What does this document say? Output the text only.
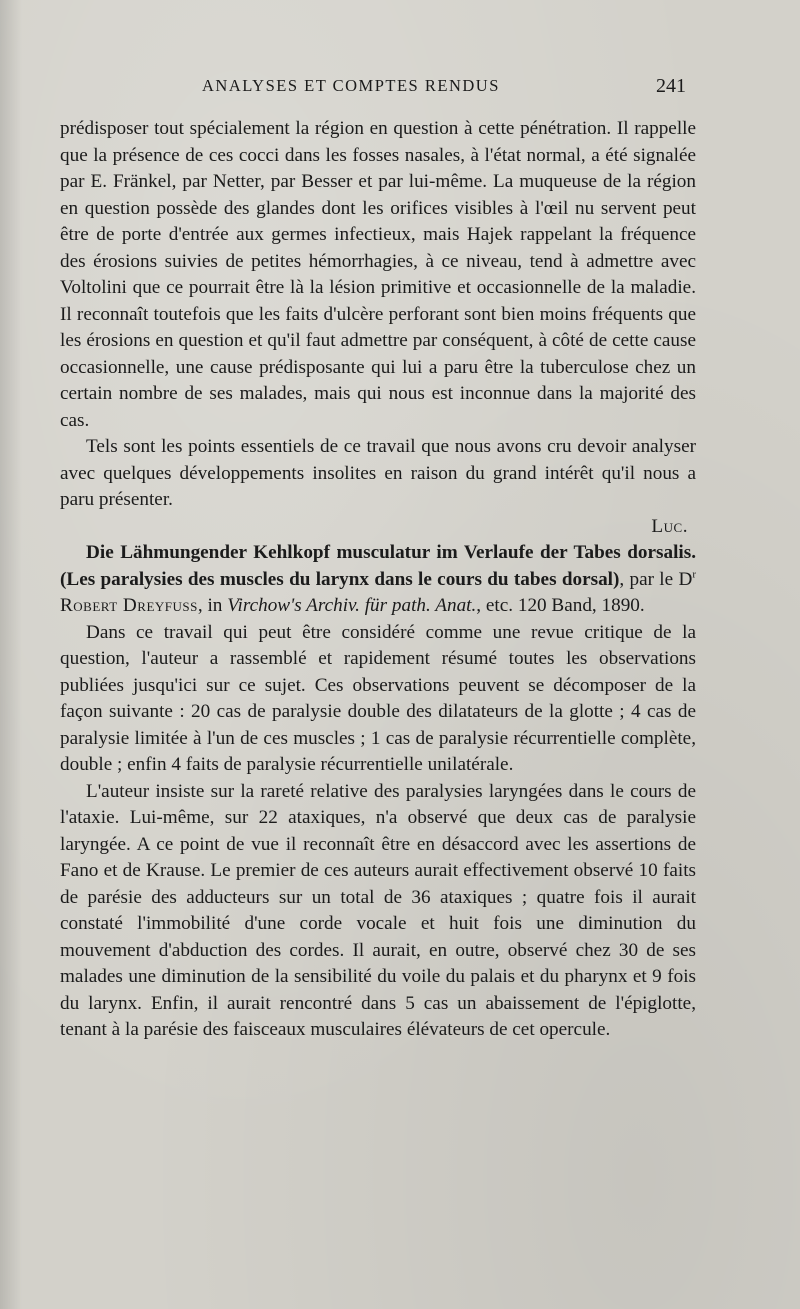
ANALYSES ET COMPTES RENDUS	241

prédisposer tout spécialement la région en question à cette pénétration. Il rappelle que la présence de ces cocci dans les fosses nasales, à l'état normal, a été signalée par E. Fränkel, par Netter, par Besser et par lui-même. La muqueuse de la région en question possède des glandes dont les orifices visibles à l'œil nu servent peut être de porte d'entrée aux germes infectieux, mais Hajek rappelant la fréquence des érosions suivies de petites hémorrhagies, à ce niveau, tend à admettre avec Voltolini que ce pourrait être là la lésion primitive et occasionnelle de la maladie. Il reconnaît toutefois que les faits d'ulcère perforant sont bien moins fréquents que les érosions en question et qu'il faut admettre par conséquent, à côté de cette cause occasionnelle, une cause prédisposante qui lui a paru être la tuberculose chez un certain nombre de ses malades, mais qui nous est inconnue dans la majorité des cas.

Tels sont les points essentiels de ce travail que nous avons cru devoir analyser avec quelques développements insolites en raison du grand intérêt qu'il nous a paru présenter.

Luc.

Die Lähmungender Kehlkopf musculatur im Verlaufe der Tabes dorsalis. (Les paralysies des muscles du larynx dans le cours du tabes dorsal), par le $D^r$ Robert Dreyfuss, in Virchow's Archiv. für path. Anat., etc. 120 Band, 1890.

Dans ce travail qui peut être considéré comme une revue critique de la question, l'auteur a rassemblé et rapidement résumé toutes les observations publiées jusqu'ici sur ce sujet. Ces observations peuvent se décomposer de la façon suivante : 20 cas de paralysie double des dilatateurs de la glotte ; 4 cas de paralysie limitée à l'un de ces muscles ; 1 cas de paralysie récurrentielle complète, double ; enfin 4 faits de paralysie récurrentielle unilatérale.

L'auteur insiste sur la rareté relative des paralysies laryngées dans le cours de l'ataxie. Lui-même, sur 22 ataxiques, n'a observé que deux cas de paralysie laryngée. A ce point de vue il reconnaît être en désaccord avec les assertions de Fano et de Krause. Le premier de ces auteurs aurait effectivement observé 10 faits de parésie des adducteurs sur un total de 36 ataxiques ; quatre fois il aurait constaté l'immobilité d'une corde vocale et huit fois une diminution du mouvement d'abduction des cordes. Il aurait, en outre, observé chez 30 de ses malades une diminution de la sensibilité du voile du palais et du pharynx et 9 fois du larynx. Enfin, il aurait rencontré dans 5 cas un abaissement de l'épiglotte, tenant à la parésie des faisceaux musculaires élévateurs de cet opercule.
